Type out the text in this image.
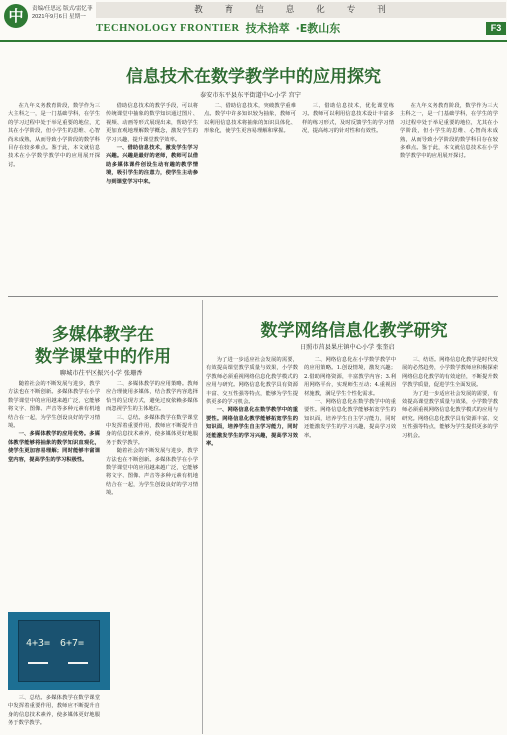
中	责编/任思远 版式/雷忆菲
2021年9月6日 星期一
教育信息化专刊
TECHNOLOGY FRONTIER 技术拾萃 ·E教山东	F3
信息技术在数学教学中的应用探究
泰安市东平县东平街道中心小学 宫宁

在九年义务教育阶段，数学作为三大主科之一，是一门基础学科，在学生的学习过程中处于举足重要的地位，尤其在小学阶段，但小学生的思维、心智尚未成熟，从而导致小学阶段的数学科目存在较多难点。鉴于此，本文就信息技术在小学数学教学中的应用展开探讨。

借助信息技术的教学手段，可以将传统课堂中抽象的数学知识通过图片、视频、动画等形式展现出来，帮助学生更加直观地理解数学概念，激发学生的学习兴趣，提升课堂教学效率。

一、借助信息技术，激发学生学习兴趣。兴趣是最好的老师，教师可以借助多媒体课件创设生动有趣的教学情境，吸引学生的注意力，使学生主动参与到课堂学习中来。

二、借助信息技术，突破教学重难点。数学中许多知识较为抽象，教师可以利用信息技术将抽象的知识具体化、形象化，使学生更容易理解和掌握。

三、借助信息技术，优化课堂练习。教师可以利用信息技术设计丰富多样的练习形式，及时反馈学生的学习情况，提高练习的针对性和有效性。

在九年义务教育阶段，数学作为三大主科之一，是一门基础学科，在学生的学习过程中处于举足重要的地位，尤其在小学阶段，但小学生的思维、心智尚未成熟，从而导致小学阶段的数学科目存在较多难点。鉴于此，本文就信息技术在小学数学教学中的应用展开探讨。

多媒体教学在
数学课堂中的作用
聊城市茌平区振兴小学 张珊香

随着社会的不断发展与进步，教学方法也在不断创新。多媒体教学在小学数学课堂中的应用越来越广泛，它能够将文字、图像、声音等多种元素有机地结合在一起，为学生创设良好的学习情境。

一、多媒体教学的应用优势。多媒体教学能够将抽象的数学知识直观化，使学生更加容易理解；同时能够丰富课堂内容，提高学生的学习积极性。

二、多媒体教学的应用策略。教师应合理使用多媒体，结合教学内容选择恰当的呈现方式，避免过度依赖多媒体而忽视学生的主体地位。

三、总结。多媒体教学在数学课堂中发挥着重要作用，教师应不断提升自身的信息技术素养，使多媒体更好地服务于数学教学。

随着社会的不断发展与进步，教学方法也在不断创新。多媒体教学在小学数学课堂中的应用越来越广泛，它能够将文字、图像、声音等多种元素有机地结合在一起，为学生创设良好的学习情境。

4+3= 6+7=

三、总结。多媒体教学在数学课堂中发挥着重要作用，教师应不断提升自身的信息技术素养，使多媒体更好地服务于数学教学。

数学网络信息化教学研究
日照市莒县果庄镇中心小学 张奎启

为了进一步适应社会发展的需要，有效提高课堂教学质量与效果，小学数学教师必须重视网络信息化教学模式的应用与研究。网络信息化教学具有资源丰富、交互性强等特点，能够为学生提供更多的学习机会。

一、网络信息化在数学教学中的重要性。网络信息化教学能够拓宽学生的知识面，培养学生自主学习能力，同时还能激发学生的学习兴趣，提高学习效率。

二、网络信息化在小学数学教学中的应用策略。1.创设情境，激发兴趣；2.借助网络资源，丰富教学内容；3.利用网络平台，实现师生互动；4.重视因材施教，满足学生个性化需求。

一、网络信息化在数学教学中的重要性。网络信息化教学能够拓宽学生的知识面，培养学生自主学习能力，同时还能激发学生的学习兴趣，提高学习效率。

三、结语。网络信息化教学是时代发展的必然趋势，小学数学教师应积极探索网络信息化教学的有效途径，不断提升数学教学质量，促进学生全面发展。

为了进一步适应社会发展的需要，有效提高课堂教学质量与效果，小学数学教师必须重视网络信息化教学模式的应用与研究。网络信息化教学具有资源丰富、交互性强等特点，能够为学生提供更多的学习机会。
